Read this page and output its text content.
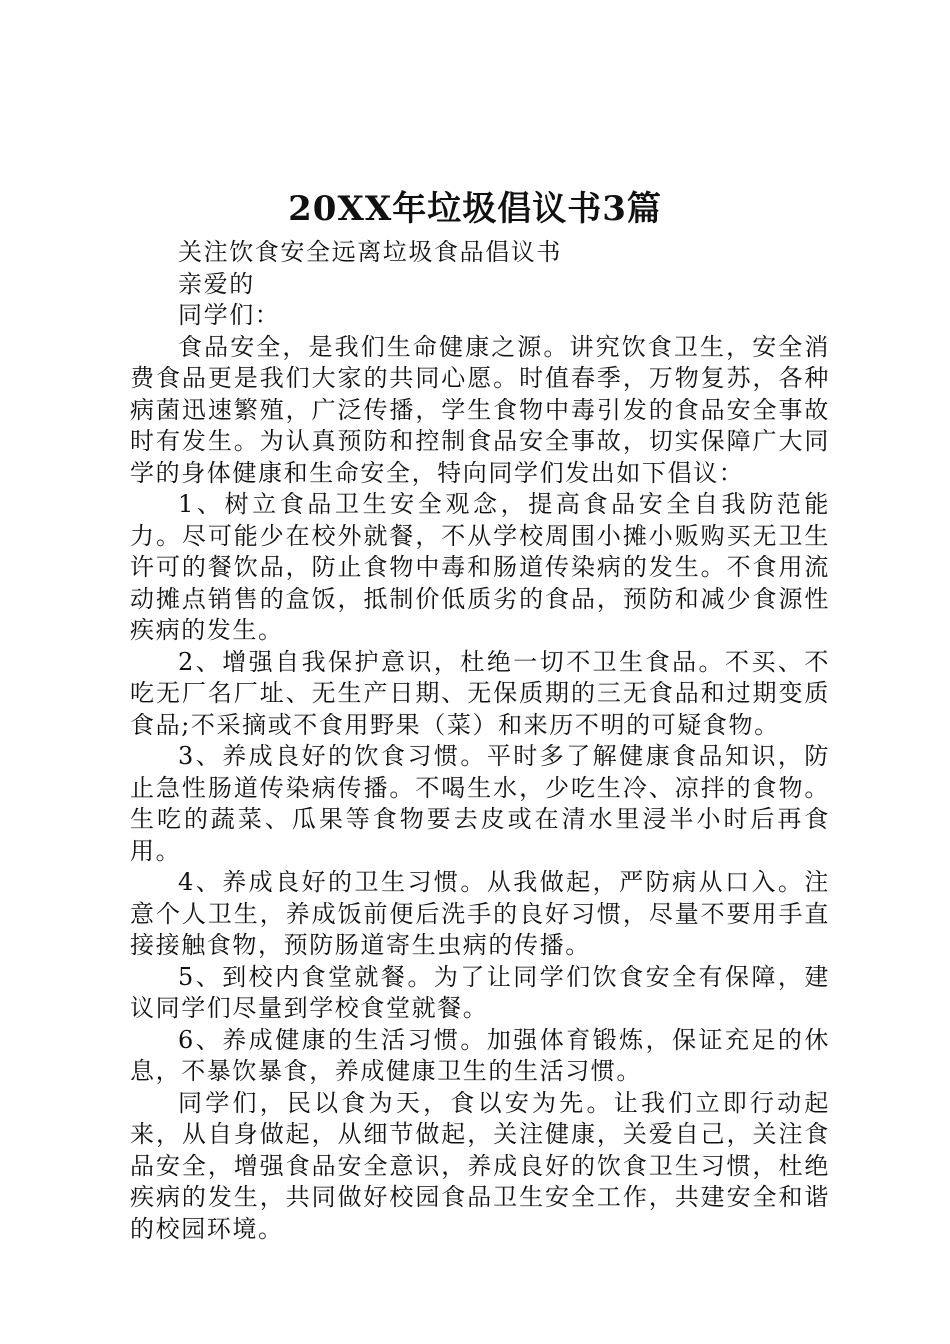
20XX年垃圾倡议书3篇

关注饮食安全远离垃圾食品倡议书

亲爱的

同学们：

食品安全，是我们生命健康之源。讲究饮食卫生，安全消费食品更是我们大家的共同心愿。时值春季，万物复苏，各种病菌迅速繁殖，广泛传播，学生食物中毒引发的食品安全事故时有发生。为认真预防和控制食品安全事故，切实保障广大同学的身体健康和生命安全，特向同学们发出如下倡议：

1、树立食品卫生安全观念，提高食品安全自我防范能力。尽可能少在校外就餐，不从学校周围小摊小贩购买无卫生许可的餐饮品，防止食物中毒和肠道传染病的发生。不食用流动摊点销售的盒饭，抵制价低质劣的食品，预防和减少食源性疾病的发生。

2、增强自我保护意识，杜绝一切不卫生食品。不买、不吃无厂名厂址、无生产日期、无保质期的三无食品和过期变质食品;不采摘或不食用野果（菜）和来历不明的可疑食物。

3、养成良好的饮食习惯。平时多了解健康食品知识，防止急性肠道传染病传播。不喝生水，少吃生冷、凉拌的食物。生吃的蔬菜、瓜果等食物要去皮或在清水里浸半小时后再食用。

4、养成良好的卫生习惯。从我做起，严防病从口入。注意个人卫生，养成饭前便后洗手的良好习惯，尽量不要用手直接接触食物，预防肠道寄生虫病的传播。

5、到校内食堂就餐。为了让同学们饮食安全有保障，建议同学们尽量到学校食堂就餐。

6、养成健康的生活习惯。加强体育锻炼，保证充足的休息，不暴饮暴食，养成健康卫生的生活习惯。

同学们，民以食为天，食以安为先。让我们立即行动起来，从自身做起，从细节做起，关注健康，关爱自己，关注食品安全，增强食品安全意识，养成良好的饮食卫生习惯，杜绝疾病的发生，共同做好校园食品卫生安全工作，共建安全和谐的校园环境。
